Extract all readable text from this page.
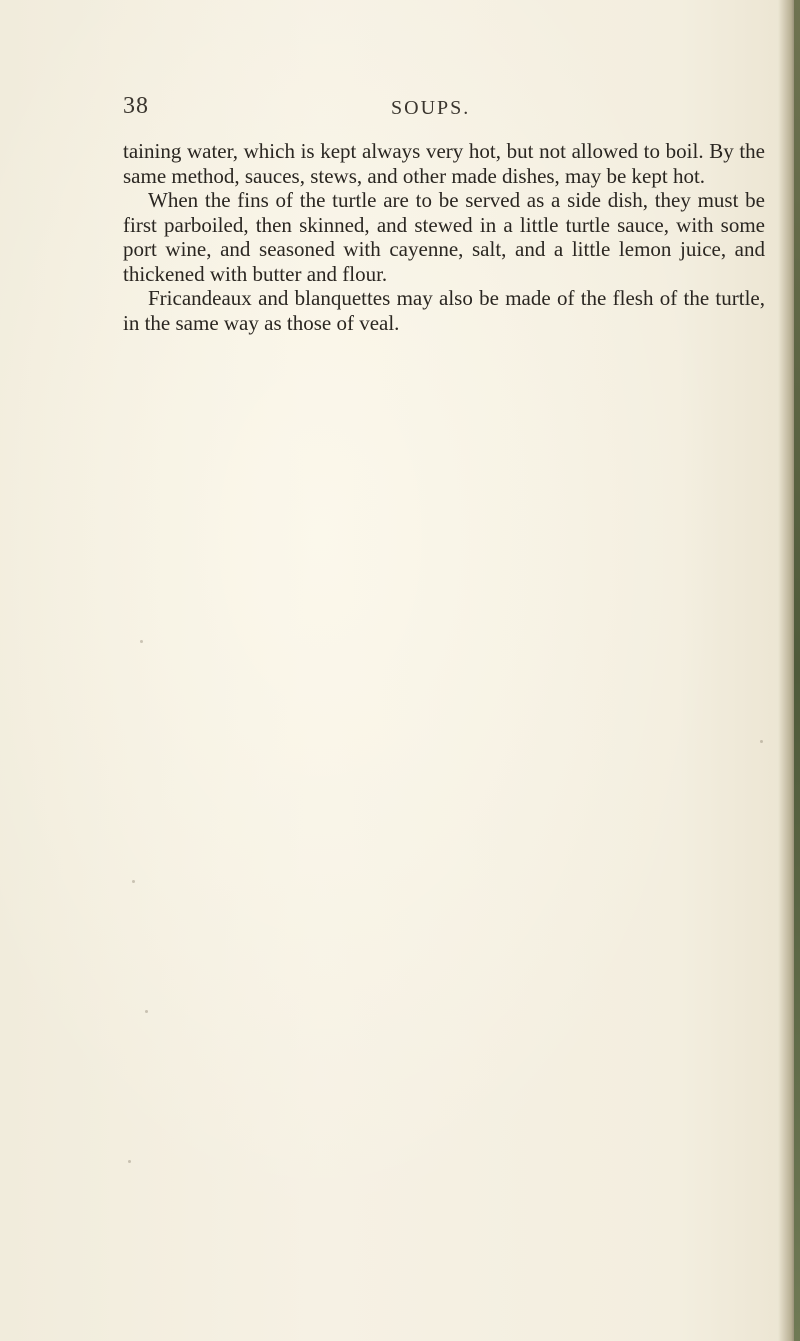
38	SOUPS.

taining water, which is kept always very hot, but not allowed to boil. By the same method, sauces, stews, and other made dishes, may be kept hot.

When the fins of the turtle are to be served as a side dish, they must be first parboiled, then skinned, and stewed in a little turtle sauce, with some port wine, and seasoned with cayenne, salt, and a little lemon juice, and thickened with butter and flour.

Fricandeaux and blanquettes may also be made of the flesh of the turtle, in the same way as those of veal.
